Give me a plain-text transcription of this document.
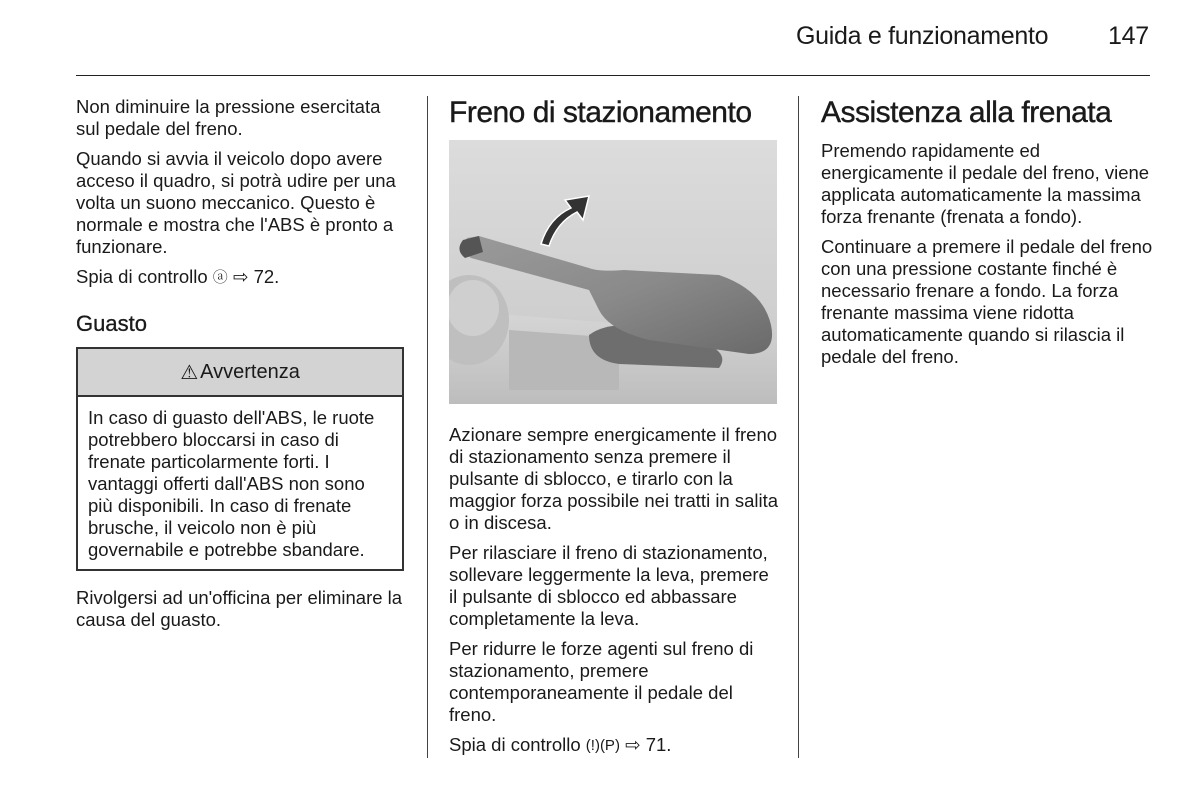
Guida e funzionamento 147

Non diminuire la pressione esercitata sul pedale del freno.

Quando si avvia il veicolo dopo avere acceso il quadro, si potrà udire per una volta un suono meccanico. Questo è normale e mostra che l'ABS è pronto a funzionare.

Spia di controllo ⓐ ⇨ 72.

Guasto
⚠ Avvertenza
In caso di guasto dell'ABS, le ruote potrebbero bloccarsi in caso di frenate particolarmente forti. I vantaggi offerti dall'ABS non sono più disponibili. In caso di frenate brusche, il veicolo non è più governabile e potrebbe sbandare.

Rivolgersi ad un'officina per eliminare la causa del guasto.

Freno di stazionamento

Azionare sempre energicamente il freno di stazionamento senza premere il pulsante di sblocco, e tirarlo con la maggior forza possibile nei tratti in salita o in discesa.

Per rilasciare il freno di stazionamento, sollevare leggermente la leva, premere il pulsante di sblocco ed abbassare completamente la leva.

Per ridurre le forze agenti sul freno di stazionamento, premere contemporaneamente il pedale del freno.

Spia di controllo (!)(P) ⇨ 71.

Assistenza alla frenata

Premendo rapidamente ed energicamente il pedale del freno, viene applicata automaticamente la massima forza frenante (frenata a fondo).

Continuare a premere il pedale del freno con una pressione costante finché è necessario frenare a fondo. La forza frenante massima viene ridotta automaticamente quando si rilascia il pedale del freno.
